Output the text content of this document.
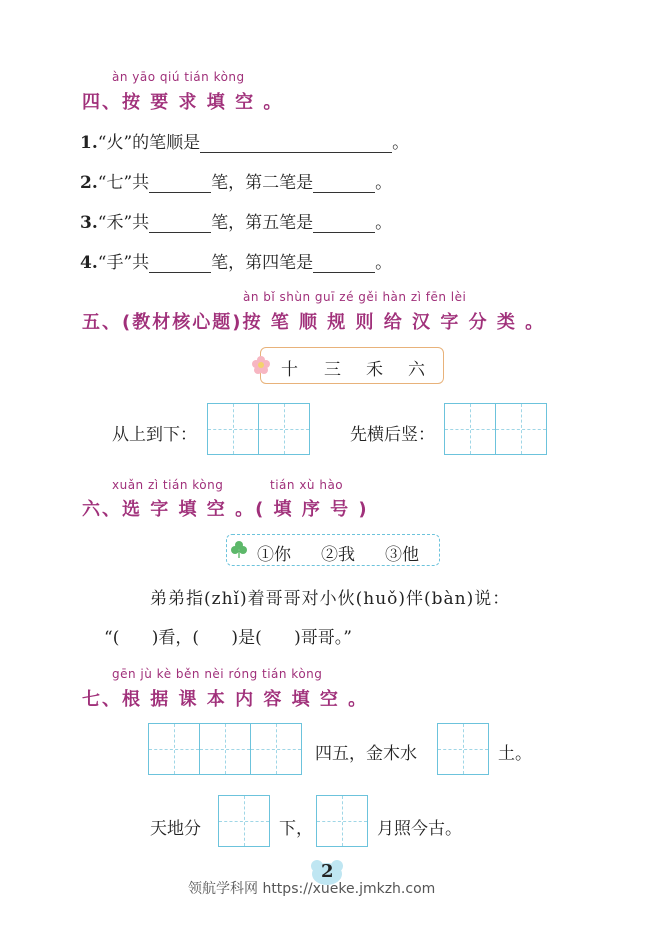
àn yāo qiú tián kòng
四、按 要 求 填 空 。
1.“火”的笔顺是	。
2.“七”共	笔，第二笔是	。
3.“禾”共	笔，第五笔是	。
4.“手”共	笔，第四笔是	。
àn bǐ shùn guī zé gěi hàn zì fēn lèi
五、(教材核心题)按 笔 顺 规 则 给 汉 字 分 类 。
十 三 禾 六
从上到下：	先横后竖：
xuǎn zì tián kòng	tián xù hào
六、选 字 填 空 。( 填 序 号 )
①你 ②我 ③他
弟弟指(zhǐ)着哥哥对小伙(huǒ)伴(bàn)说：
“(      )看，(      )是(      )哥哥。”
gēn jù kè běn nèi róng tián kòng
七、根 据 课 本 内 容 填 空 。
四五，金木水	土。
天地分	下，	月照今古。
2
领航学科网 https://xueke.jmkzh.com
